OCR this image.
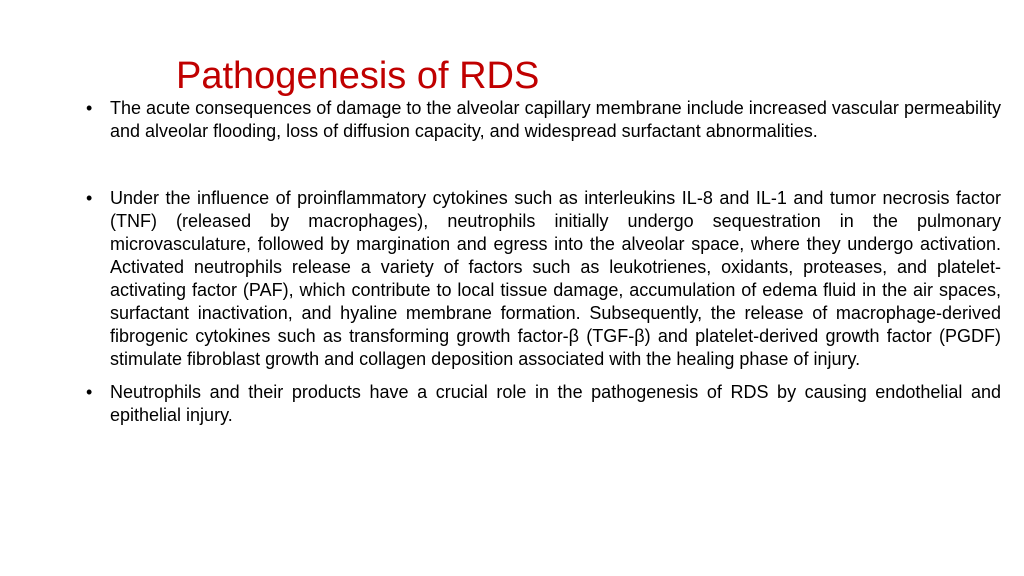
Pathogenesis of RDS
• The acute consequences of damage to the alveolar capillary membrane include increased vascular permeability and alveolar flooding, loss of diffusion capacity, and widespread surfactant abnormalities.
• Under the influence of proinflammatory cytokines such as interleukins IL-8 and IL-1 and tumor necrosis factor (TNF) (released by macrophages), neutrophils initially undergo sequestration in the pulmonary microvasculature, followed by margination and egress into the alveolar space, where they undergo activation. Activated neutrophils release a variety of factors such as leukotrienes, oxidants, proteases, and platelet-activating factor (PAF), which contribute to local tissue damage, accumulation of edema fluid in the air spaces, surfactant inactivation, and hyaline membrane formation. Subsequently, the release of macrophage-derived fibrogenic cytokines such as transforming growth factor-β (TGF-β) and platelet-derived growth factor (PGDF) stimulate fibroblast growth and collagen deposition associated with the healing phase of injury.
• Neutrophils and their products have a crucial role in the pathogenesis of RDS by causing endothelial and epithelial injury.
